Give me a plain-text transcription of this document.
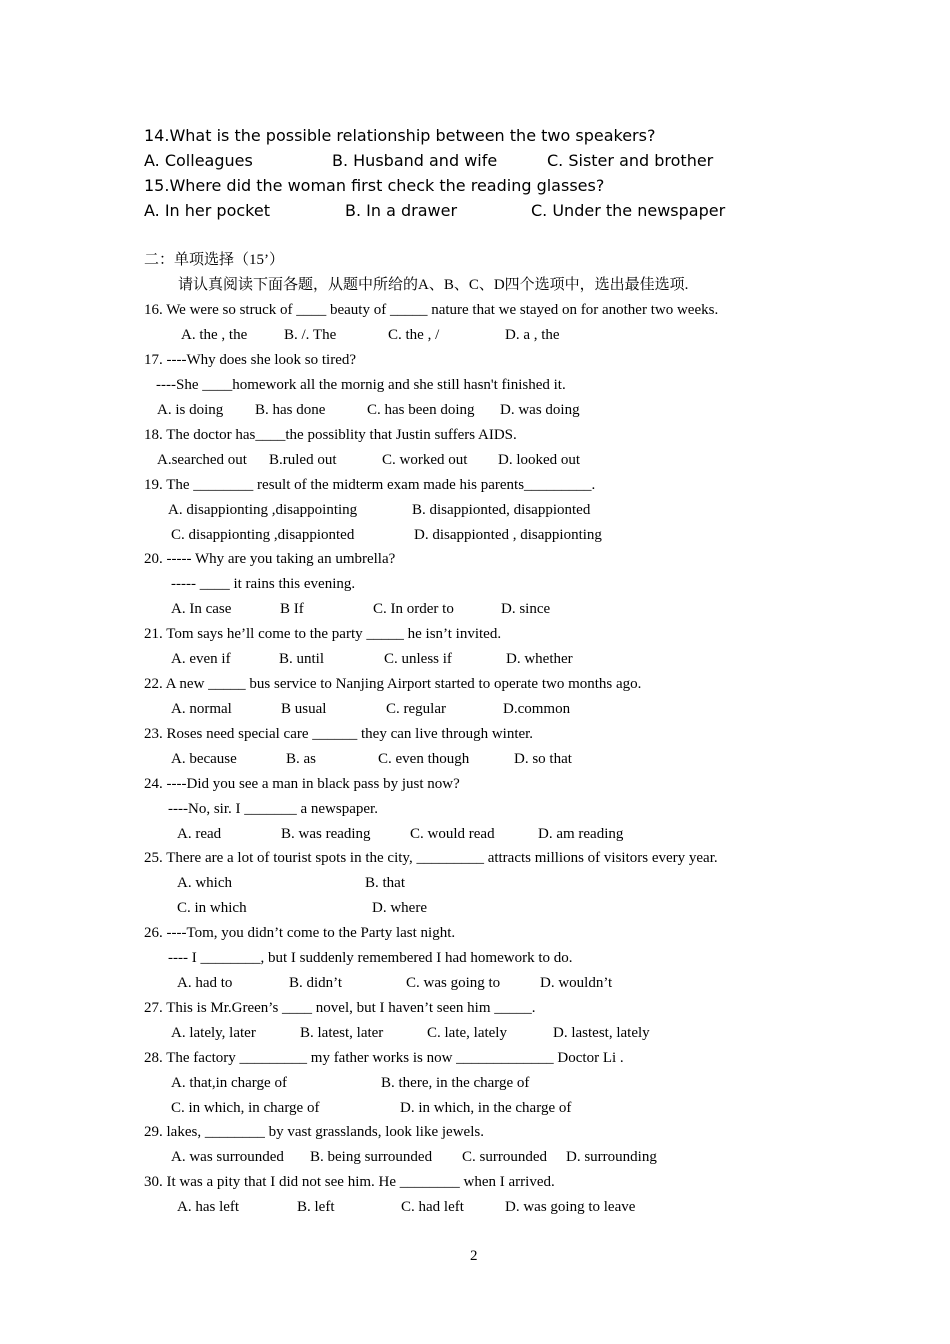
14.What is the possible relationship between the two speakers?
A. Colleagues	B. Husband and wife	C. Sister and brother
15.Where did the woman first check the reading glasses?
A. In her pocket	B. In a drawer	C. Under the newspaper
二：单项选择（15’）
请认真阅读下面各题，从题中所给的A、B、C、D四个选项中，选出最佳选项.
16. We were so struck of ____ beauty of _____ nature that we stayed on for another two weeks.
A. the , the B. /. The	C. the , /	D. a , the
17. ----Why does she look so tired?
----She ____homework all the mornig and she still hasn't finished it.
A. is doing B. has done	C. has been doing D. was doing
18. The doctor has____the possiblity that Justin suffers AIDS.
A.searched out B.ruled out	C. worked out D. looked out
19. The ________ result of the midterm exam made his parents_________.
A. disappionting ,disappointing	B. disappionted, disappionted
C. disappionting ,disappionted	D. disappionted , disappionting
20. ----- Why are you taking an umbrella?
----- ____ it rains this evening.
A. In case	B If	C. In order to	D. since
21. Tom says he’ll come to the party _____ he isn’t invited.
A. even if	B. until	C. unless if	D. whether
22. A new _____ bus service to Nanjing Airport started to operate two months ago.
A. normal	B usual	C. regular	D.common
23. Roses need special care ______ they can live through winter.
A. because	B. as	C. even though	D. so that
24. ----Did you see a man in black pass by just now?
----No, sir. I _______ a newspaper.
A. read	B. was reading	C. would read	D. am reading
25. There are a lot of tourist spots in the city, _________ attracts millions of visitors every year.
A. which	B. that
C. in which	D. where
26. ----Tom, you didn’t come to the Party last night.
---- I ________, but I suddenly remembered I had homework to do.
A. had to	B. didn’t	C. was going to	D. wouldn’t
27. This is Mr.Green’s ____ novel, but I haven’t seen him _____.
A. lately, later	B. latest, later	C. late, lately	D. lastest, lately
28. The factory _________ my father works is now _____________ Doctor Li .
A. that,in charge of	B. there, in the charge of
C. in which, in charge of	D. in which, in the charge of
29. lakes, ________ by vast grasslands, look like jewels.
A. was surrounded B. being surrounded C. surrounded D. surrounding
30. It was a pity that I did not see him. He ________ when I arrived.
A. has left	B. left	C. had left	D. was going to leave
2
